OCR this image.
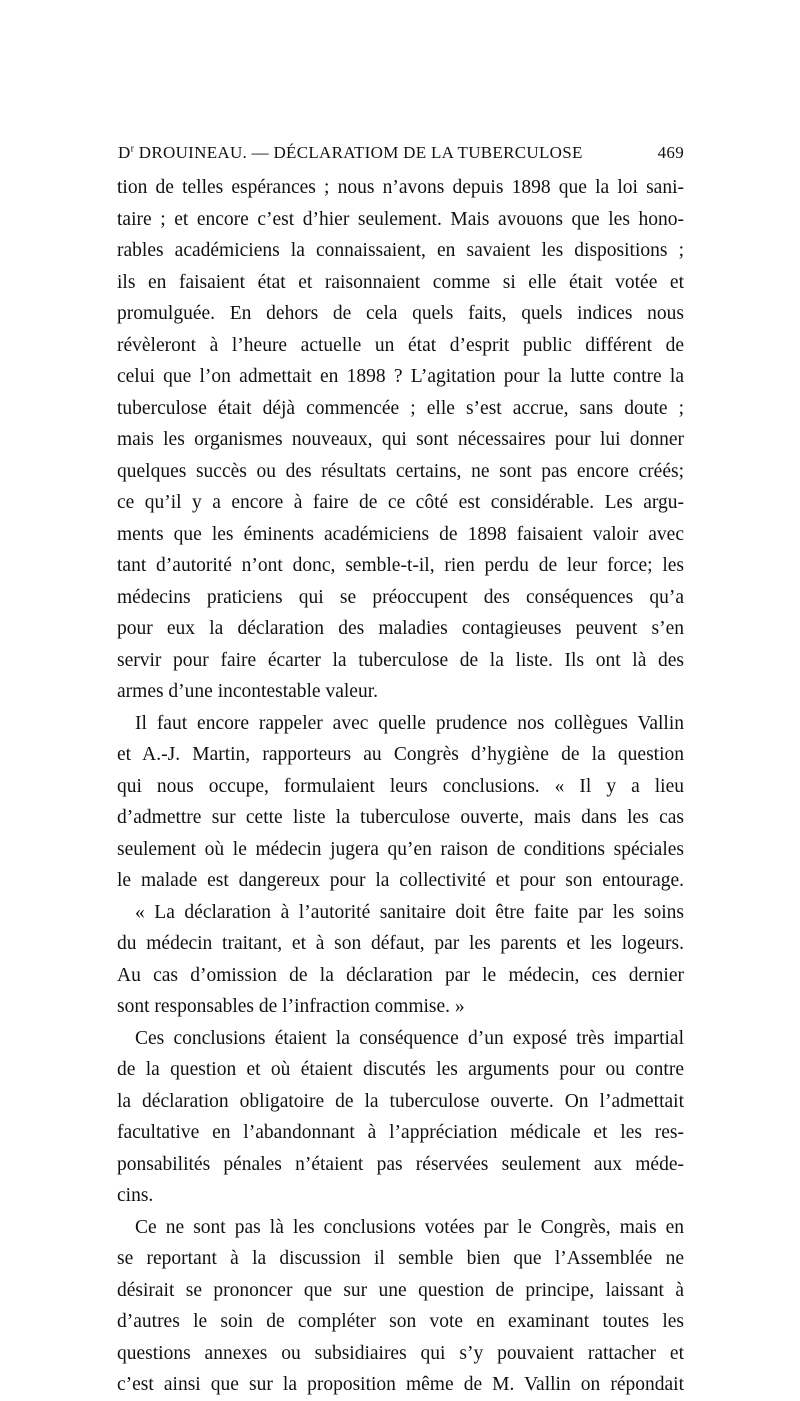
$D^r$ DROUINEAU. — DÉCLARATIOM DE LA TUBERCULOSE	469
tion de telles espérances ; nous n’avons depuis 1898 que la loi sani-
taire ; et encore c’est d’hier seulement. Mais avouons que les hono-
rables académiciens la connaissaient, en savaient les dispositions ;
ils en faisaient état et raisonnaient comme si elle était votée et
promulguée. En dehors de cela quels faits, quels indices nous
révèleront à l’heure actuelle un état d’esprit public différent de
celui que l’on admettait en 1898 ? L’agitation pour la lutte contre la
tuberculose était déjà commencée ; elle s’est accrue, sans doute ;
mais les organismes nouveaux, qui sont nécessaires pour lui donner
quelques succès ou des résultats certains, ne sont pas encore créés;
ce qu’il y a encore à faire de ce côté est considérable. Les argu-
ments que les éminents académiciens de 1898 faisaient valoir avec
tant d’autorité n’ont donc, semble-t-il, rien perdu de leur force; les
médecins praticiens qui se préoccupent des conséquences qu’a
pour eux la déclaration des maladies contagieuses peuvent s’en
servir pour faire écarter la tuberculose de la liste. Ils ont là des
armes d’une incontestable valeur.
Il faut encore rappeler avec quelle prudence nos collègues Vallin
et A.-J. Martin, rapporteurs au Congrès d’hygiène de la question
qui nous occupe, formulaient leurs conclusions. « Il y a lieu
d’admettre sur cette liste la tuberculose ouverte, mais dans les cas
seulement où le médecin jugera qu’en raison de conditions spéciales
le malade est dangereux pour la collectivité et pour son entourage.
« La déclaration à l’autorité sanitaire doit être faite par les soins
du médecin traitant, et à son défaut, par les parents et les logeurs.
Au cas d’omission de la déclaration par le médecin, ces dernier
sont responsables de l’infraction commise. »
Ces conclusions étaient la conséquence d’un exposé très impartial
de la question et où étaient discutés les arguments pour ou contre
la déclaration obligatoire de la tuberculose ouverte. On l’admettait
facultative en l’abandonnant à l’appréciation médicale et les res-
ponsabilités pénales n’étaient pas réservées seulement aux méde-
cins.
Ce ne sont pas là les conclusions votées par le Congrès, mais en
se reportant à la discussion il semble bien que l’Assemblée ne
désirait se prononcer que sur une question de principe, laissant à
d’autres le soin de compléter son vote en examinant toutes les
questions annexes ou subsidiaires qui s’y pouvaient rattacher et
c’est ainsi que sur la proposition même de M. Vallin on répondait
